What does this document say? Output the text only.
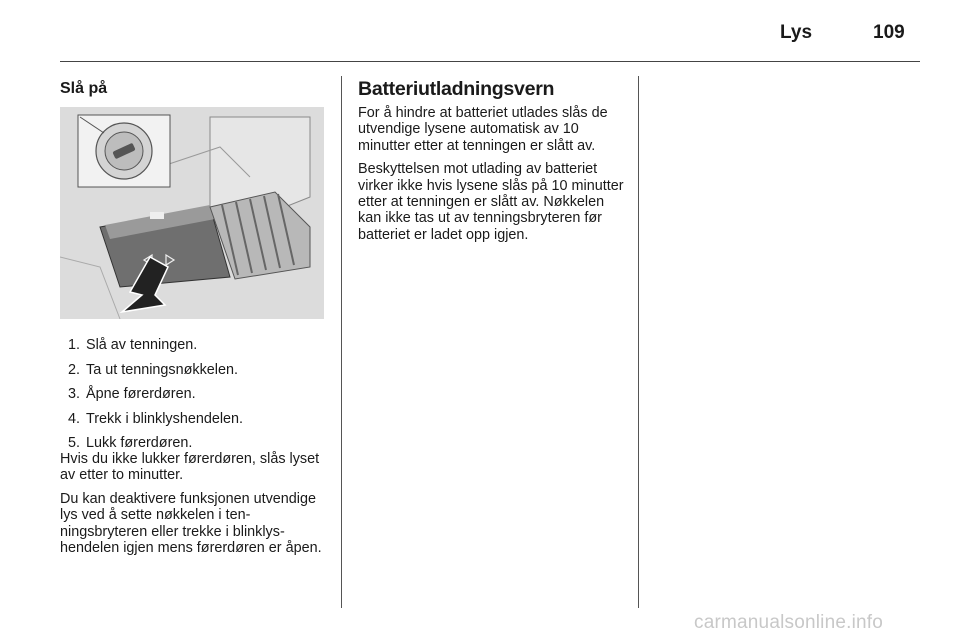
Lys	109
Slå på
1. Slå av tenningen.
2. Ta ut tenningsnøkkelen.
3. Åpne førerdøren.
4. Trekk i blinklyshendelen.
5. Lukk førerdøren.

Hvis du ikke lukker førerdøren, slås lyset av etter to minutter.

Du kan deaktivere funksjonen utvendige lys ved å sette nøkkelen i tenningsbryteren eller trekke i blinklyshendelen igjen mens førerdøren er åpen.

Batteriutladningsvern

For å hindre at batteriet utlades slås de utvendige lysene automatisk av 10 minutter etter at tenningen er slått av.

Beskyttelsen mot utlading av batteriet virker ikke hvis lysene slås på 10 minutter etter at tenningen er slått av. Nøkkelen kan ikke tas ut av tenningsbryteren før batteriet er ladet opp igjen.

carmanualsonline.info
